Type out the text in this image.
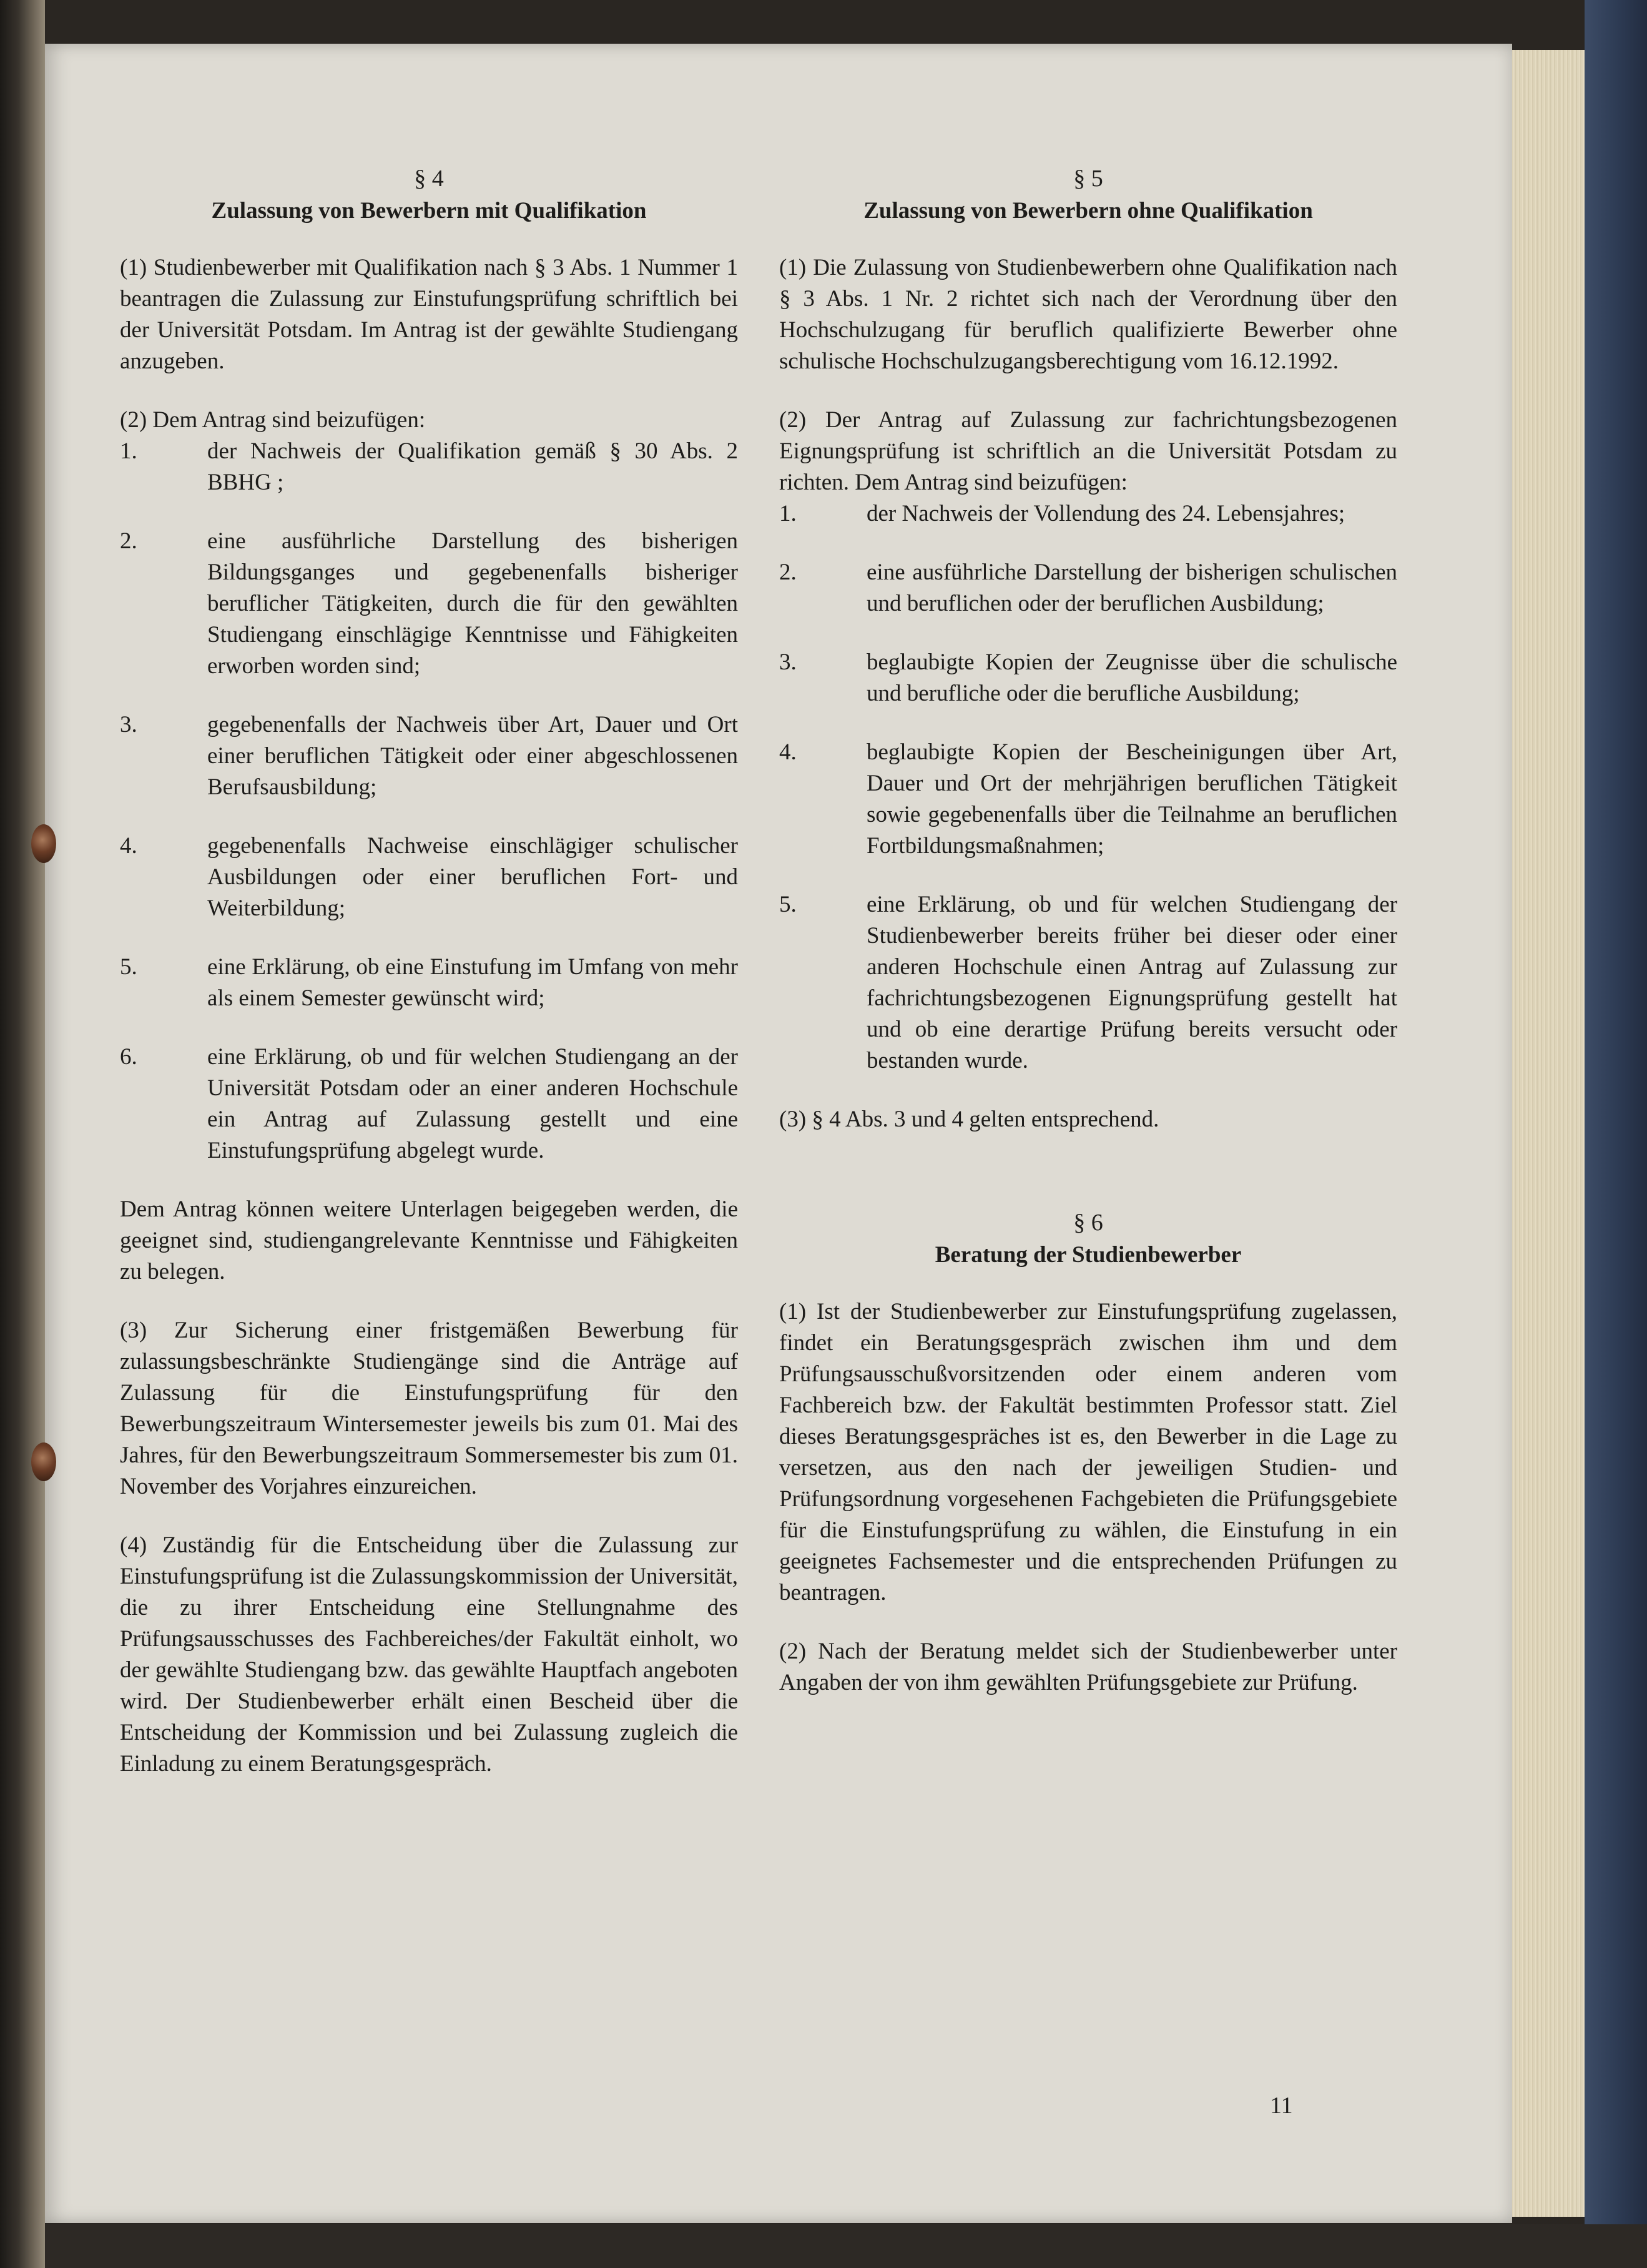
§ 4
Zulassung von Bewerbern mit Qualifikation

(1) Studienbewerber mit Qualifikation nach § 3 Abs. 1 Nummer 1 beantragen die Zulassung zur Einstufungsprüfung schriftlich bei der Universität Potsdam. Im Antrag ist der gewählte Studiengang anzugeben.

(2) Dem Antrag sind beizufügen:

1.	der Nachweis der Qualifikation gemäß § 30 Abs. 2 BBHG ;
2.	eine ausführliche Darstellung des bisherigen Bildungsganges und gegebenenfalls bisheriger beruflicher Tätigkeiten, durch die für den gewählten Studiengang einschlägige Kenntnisse und Fähigkeiten erworben worden sind;
3.	gegebenenfalls der Nachweis über Art, Dauer und Ort einer beruflichen Tätigkeit oder einer abgeschlossenen Berufsausbildung;
4.	gegebenenfalls Nachweise einschlägiger schulischer Ausbildungen oder einer beruflichen Fort- und Weiterbildung;
5.	eine Erklärung, ob eine Einstufung im Umfang von mehr als einem Semester gewünscht wird;
6.	eine Erklärung, ob und für welchen Studiengang an der Universität Potsdam oder an einer anderen Hochschule ein Antrag auf Zulassung gestellt und eine Einstufungsprüfung abgelegt wurde.

Dem Antrag können weitere Unterlagen beigegeben werden, die geeignet sind, studiengangrelevante Kenntnisse und Fähigkeiten zu belegen.

(3) Zur Sicherung einer fristgemäßen Bewerbung für zulassungsbeschränkte Studiengänge sind die Anträge auf Zulassung für die Einstufungsprüfung für den Bewerbungszeitraum Wintersemester jeweils bis zum 01. Mai des Jahres, für den Bewerbungszeitraum Sommersemester bis zum 01. November des Vorjahres einzureichen.

(4) Zuständig für die Entscheidung über die Zulassung zur Einstufungsprüfung ist die Zulassungskommission der Universität, die zu ihrer Entscheidung eine Stellungnahme des Prüfungsausschusses des Fachbereiches/der Fakultät einholt, wo der gewählte Studiengang bzw. das gewählte Hauptfach angeboten wird. Der Studienbewerber erhält einen Bescheid über die Entscheidung der Kommission und bei Zulassung zugleich die Einladung zu einem Beratungsgespräch.

§ 5
Zulassung von Bewerbern ohne Qualifikation

(1) Die Zulassung von Studienbewerbern ohne Qualifikation nach § 3 Abs. 1 Nr. 2 richtet sich nach der Verordnung über den Hochschulzugang für beruflich qualifizierte Bewerber ohne schulische Hochschulzugangsberechtigung vom 16.12.1992.

(2) Der Antrag auf Zulassung zur fachrichtungsbezogenen Eignungsprüfung ist schriftlich an die Universität Potsdam zu richten. Dem Antrag sind beizufügen:

1.	der Nachweis der Vollendung des 24. Lebensjahres;
2.	eine ausführliche Darstellung der bisherigen schulischen und beruflichen oder der beruflichen Ausbildung;
3.	beglaubigte Kopien der Zeugnisse über die schulische und berufliche oder die berufliche Ausbildung;
4.	beglaubigte Kopien der Bescheinigungen über Art, Dauer und Ort der mehrjährigen beruflichen Tätigkeit sowie gegebenenfalls über die Teilnahme an beruflichen Fortbildungsmaßnahmen;
5.	eine Erklärung, ob und für welchen Studiengang der Studienbewerber bereits früher bei dieser oder einer anderen Hochschule einen Antrag auf Zulassung zur fachrichtungsbezogenen Eignungsprüfung gestellt hat und ob eine derartige Prüfung bereits versucht oder bestanden wurde.

(3) § 4 Abs. 3 und 4 gelten entsprechend.

§ 6
Beratung der Studienbewerber

(1) Ist der Studienbewerber zur Einstufungsprüfung zugelassen, findet ein Beratungsgespräch zwischen ihm und dem Prüfungsausschußvorsitzenden oder einem anderen vom Fachbereich bzw. der Fakultät bestimmten Professor statt. Ziel dieses Beratungsgespräches ist es, den Bewerber in die Lage zu versetzen, aus den nach der jeweiligen Studien- und Prüfungsordnung vorgesehenen Fachgebieten die Prüfungsgebiete für die Einstufungsprüfung zu wählen, die Einstufung in ein geeignetes Fachsemester und die entsprechenden Prüfungen zu beantragen.

(2) Nach der Beratung meldet sich der Studienbewerber unter Angaben der von ihm gewählten Prüfungsgebiete zur Prüfung.

11
